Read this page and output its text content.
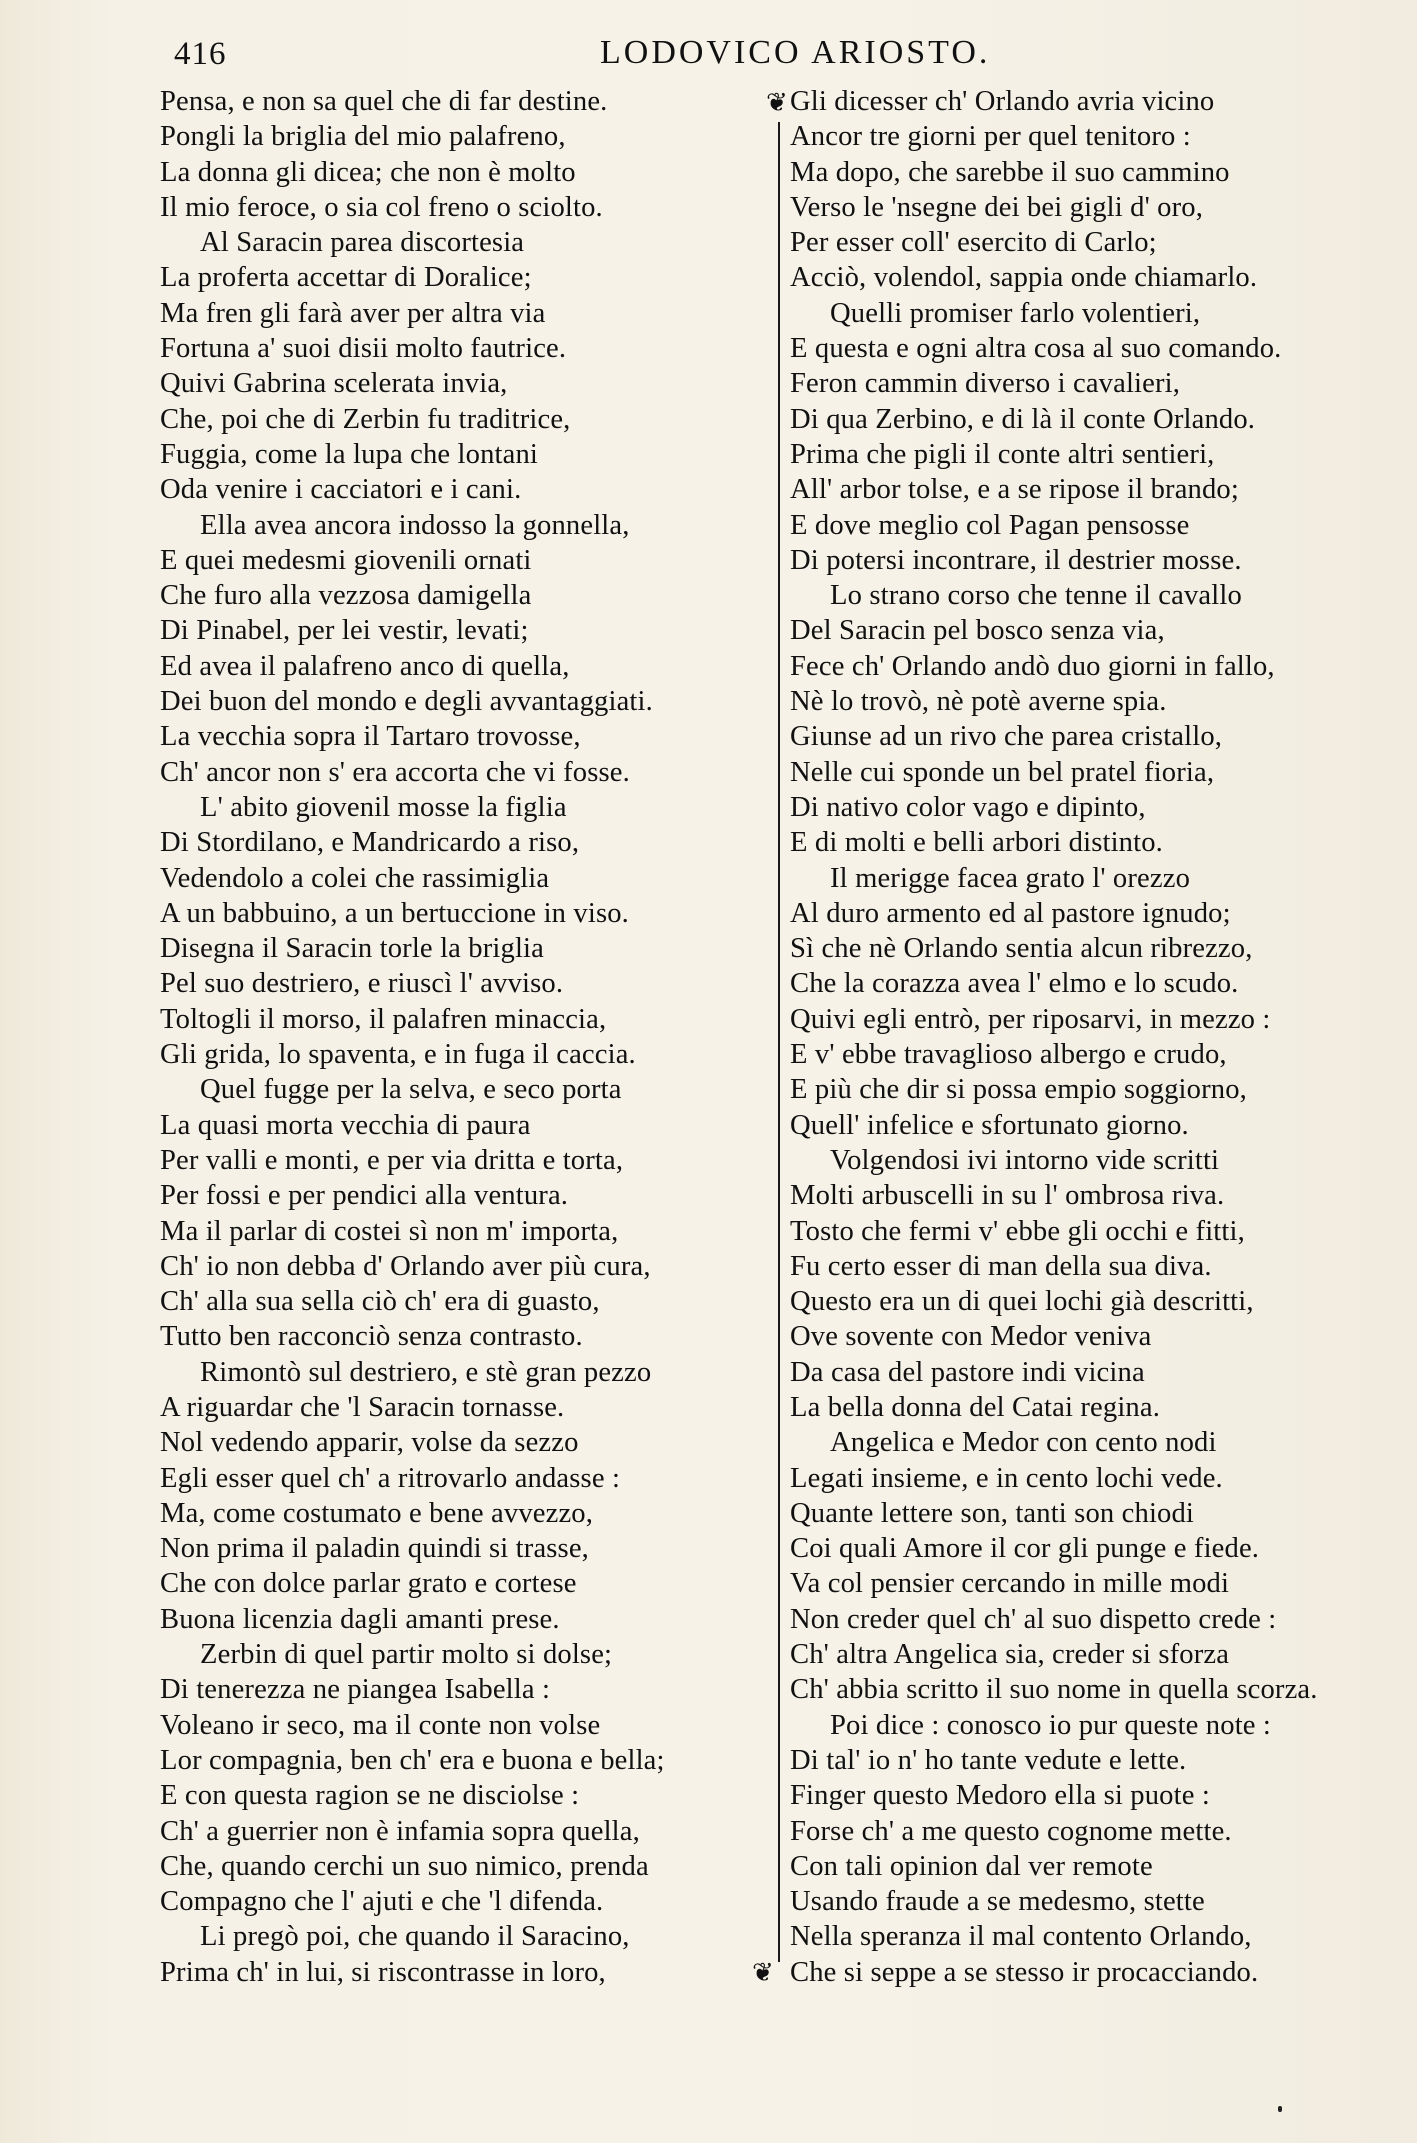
416	LODOVICO ARIOSTO.
Pensa, e non sa quel che di far destine.
Pongli la briglia del mio palafreno,
La donna gli dicea; che non è molto
Il mio feroce, o sia col freno o sciolto.
Al Saracin parea discortesia
La proferta accettar di Doralice;
Ma fren gli farà aver per altra via
Fortuna a' suoi disii molto fautrice.
Quivi Gabrina scelerata invia,
Che, poi che di Zerbin fu traditrice,
Fuggia, come la lupa che lontani
Oda venire i cacciatori e i cani.
Ella avea ancora indosso la gonnella,
E quei medesmi giovenili ornati
Che furo alla vezzosa damigella
Di Pinabel, per lei vestir, levati;
Ed avea il palafreno anco di quella,
Dei buon del mondo e degli avvantaggiati.
La vecchia sopra il Tartaro trovosse,
Ch' ancor non s' era accorta che vi fosse.
L' abito giovenil mosse la figlia
Di Stordilano, e Mandricardo a riso,
Vedendolo a colei che rassimiglia
A un babbuino, a un bertuccione in viso.
Disegna il Saracin torle la briglia
Pel suo destriero, e riuscì l' avviso.
Toltogli il morso, il palafren minaccia,
Gli grida, lo spaventa, e in fuga il caccia.
Quel fugge per la selva, e seco porta
La quasi morta vecchia di paura
Per valli e monti, e per via dritta e torta,
Per fossi e per pendici alla ventura.
Ma il parlar di costei sì non m' importa,
Ch' io non debba d' Orlando aver più cura,
Ch' alla sua sella ciò ch' era di guasto,
Tutto ben racconciò senza contrasto.
Rimontò sul destriero, e stè gran pezzo
A riguardar che 'l Saracin tornasse.
Nol vedendo apparir, volse da sezzo
Egli esser quel ch' a ritrovarlo andasse :
Ma, come costumato e bene avvezzo,
Non prima il paladin quindi si trasse,
Che con dolce parlar grato e cortese
Buona licenzia dagli amanti prese.
Zerbin di quel partir molto si dolse;
Di tenerezza ne piangea Isabella :
Voleano ir seco, ma il conte non volse
Lor compagnia, ben ch' era e buona e bella;
E con questa ragion se ne disciolse :
Ch' a guerrier non è infamia sopra quella,
Che, quando cerchi un suo nimico, prenda
Compagno che l' ajuti e che 'l difenda.
Li pregò poi, che quando il Saracino,
Prima ch' in lui, si riscontrasse in loro,
❦
❦
Gli dicesser ch' Orlando avria vicino
Ancor tre giorni per quel tenitoro :
Ma dopo, che sarebbe il suo cammino
Verso le 'nsegne dei bei gigli d' oro,
Per esser coll' esercito di Carlo;
Acciò, volendol, sappia onde chiamarlo.
Quelli promiser farlo volentieri,
E questa e ogni altra cosa al suo comando.
Feron cammin diverso i cavalieri,
Di qua Zerbino, e di là il conte Orlando.
Prima che pigli il conte altri sentieri,
All' arbor tolse, e a se ripose il brando;
E dove meglio col Pagan pensosse
Di potersi incontrare, il destrier mosse.
Lo strano corso che tenne il cavallo
Del Saracin pel bosco senza via,
Fece ch' Orlando andò duo giorni in fallo,
Nè lo trovò, nè potè averne spia.
Giunse ad un rivo che parea cristallo,
Nelle cui sponde un bel pratel fioria,
Di nativo color vago e dipinto,
E di molti e belli arbori distinto.
Il merigge facea grato l' orezzo
Al duro armento ed al pastore ignudo;
Sì che nè Orlando sentia alcun ribrezzo,
Che la corazza avea l' elmo e lo scudo.
Quivi egli entrò, per riposarvi, in mezzo :
E v' ebbe travaglioso albergo e crudo,
E più che dir si possa empio soggiorno,
Quell' infelice e sfortunato giorno.
Volgendosi ivi intorno vide scritti
Molti arbuscelli in su l' ombrosa riva.
Tosto che fermi v' ebbe gli occhi e fitti,
Fu certo esser di man della sua diva.
Questo era un di quei lochi già descritti,
Ove sovente con Medor veniva
Da casa del pastore indi vicina
La bella donna del Catai regina.
Angelica e Medor con cento nodi
Legati insieme, e in cento lochi vede.
Quante lettere son, tanti son chiodi
Coi quali Amore il cor gli punge e fiede.
Va col pensier cercando in mille modi
Non creder quel ch' al suo dispetto crede :
Ch' altra Angelica sia, creder si sforza
Ch' abbia scritto il suo nome in quella scorza.
Poi dice : conosco io pur queste note :
Di tal' io n' ho tante vedute e lette.
Finger questo Medoro ella si puote :
Forse ch' a me questo cognome mette.
Con tali opinion dal ver remote
Usando fraude a se medesmo, stette
Nella speranza il mal contento Orlando,
Che si seppe a se stesso ir procacciando.
